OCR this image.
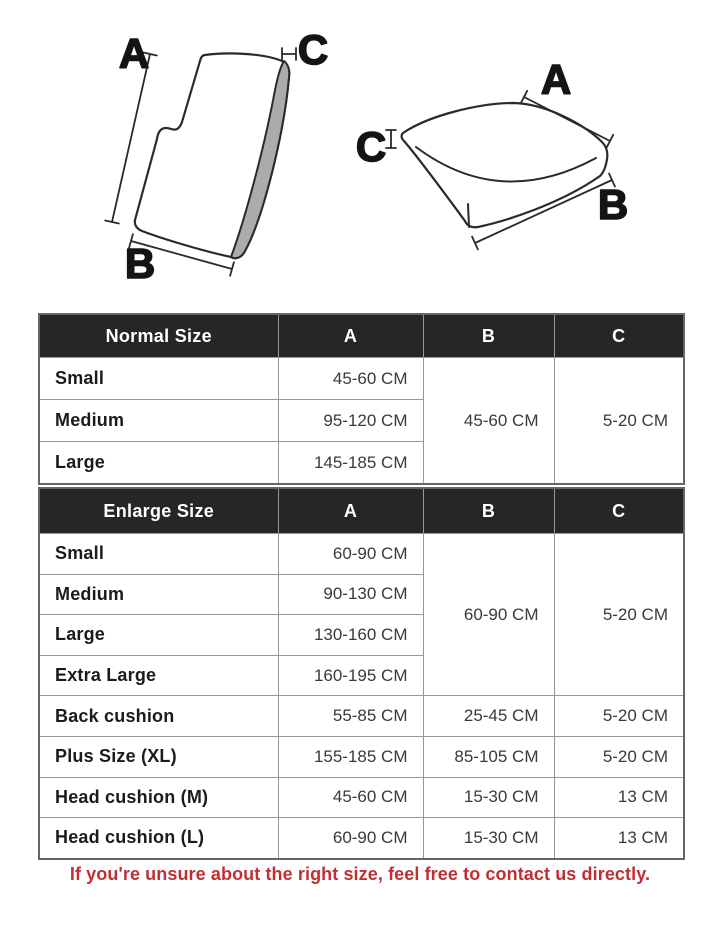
A
B
C
A
B
C
Normal Size	A	B	C
Small	45-60 CM	45-60 CM	5-20 CM
Medium	95-120 CM		
Large	145-185 CM		
Enlarge Size	A	B	C
Small	60-90 CM	60-90 CM	5-20 CM
Medium	90-130 CM		
Large	130-160 CM		
Extra Large	160-195 CM		
Back cushion	55-85 CM	25-45 CM	5-20 CM
Plus Size (XL)	155-185 CM	85-105 CM	5-20 CM
Head cushion (M)	45-60 CM	15-30 CM	13 CM
Head cushion (L)	60-90 CM	15-30 CM	13 CM
If you're unsure about the right size, feel free to contact us directly.
